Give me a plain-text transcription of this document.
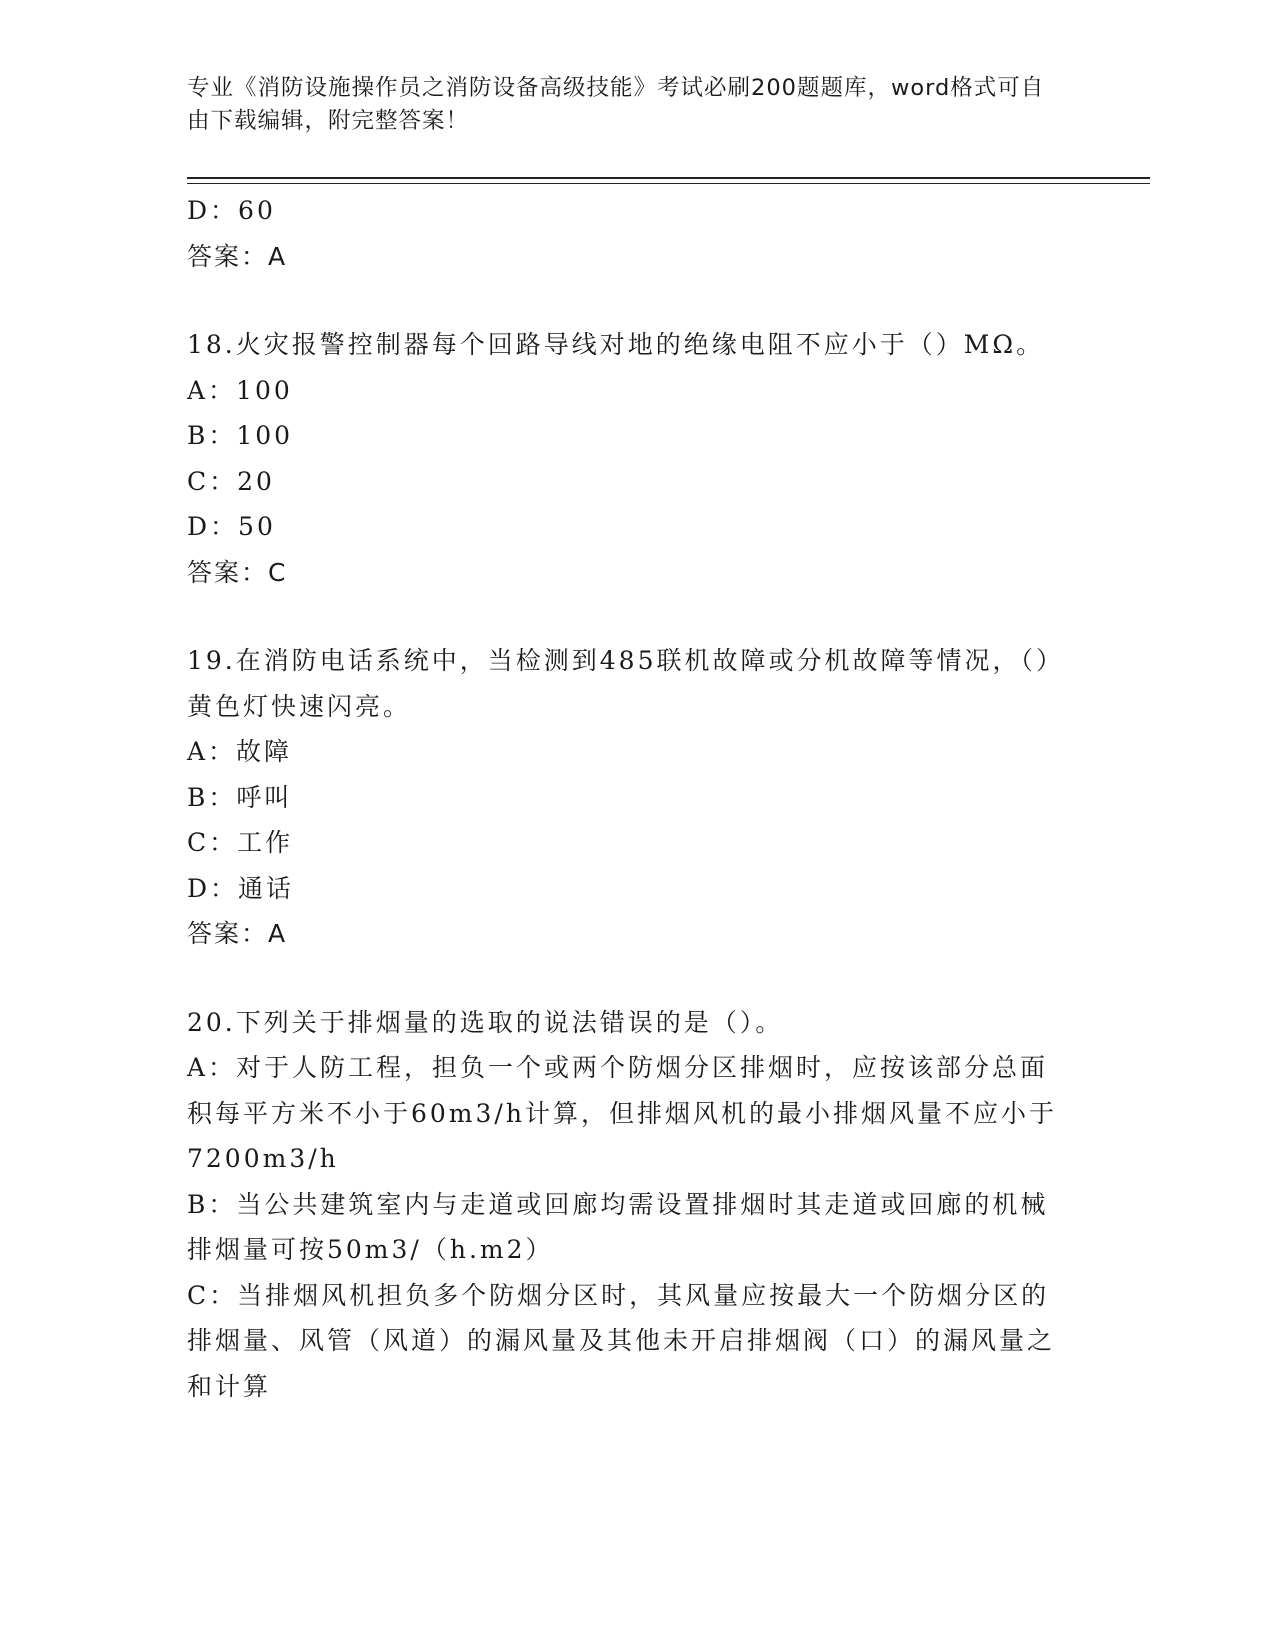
专业《消防设施操作员之消防设备高级技能》考试必刷200题题库，word格式可自由下载编辑，附完整答案！
D：60
答案：A
18.火灾报警控制器每个回路导线对地的绝缘电阻不应小于（）MΩ。
A：100
B：100
C：20
D：50
答案：C
19.在消防电话系统中，当检测到485联机故障或分机故障等情况，（）黄色灯快速闪亮。
A：故障
B：呼叫
C：工作
D：通话
答案：A
20.下列关于排烟量的选取的说法错误的是（）。
A：对于人防工程，担负一个或两个防烟分区排烟时，应按该部分总面积每平方米不小于60m3/h计算，但排烟风机的最小排烟风量不应小于7200m3/h
B：当公共建筑室内与走道或回廊均需设置排烟时其走道或回廊的机械排烟量可按50m3/（h.m2）
C：当排烟风机担负多个防烟分区时，其风量应按最大一个防烟分区的排烟量、风管（风道）的漏风量及其他未开启排烟阀（口）的漏风量之和计算
